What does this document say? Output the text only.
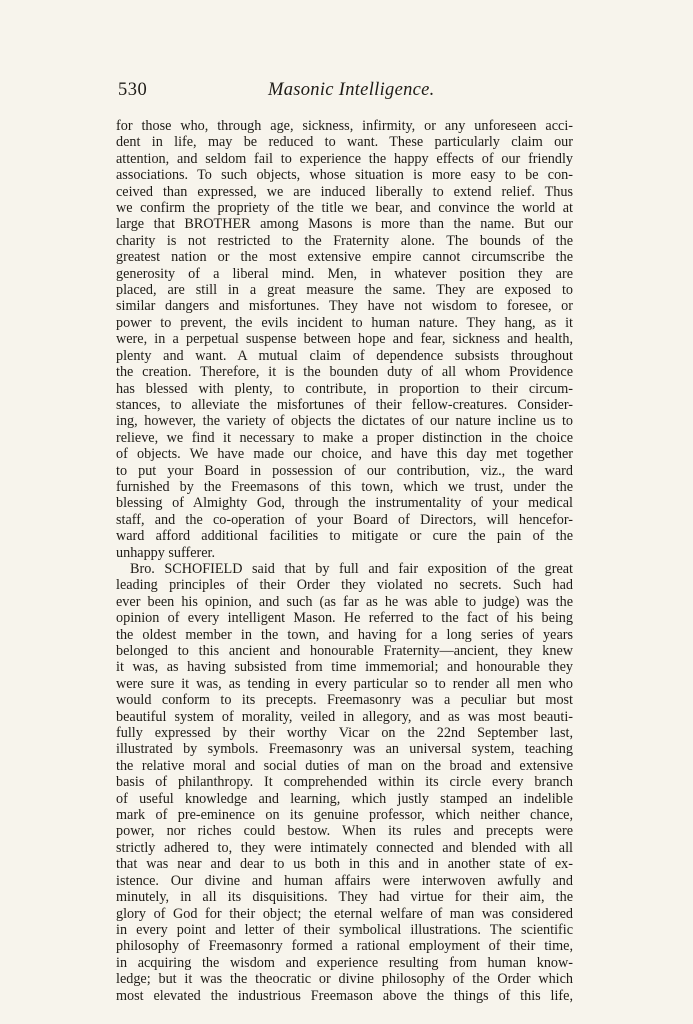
530	Masonic Intelligence.
for those who, through age, sickness, infirmity, or any unforeseen acci-
dent in life, may be reduced to want. These particularly claim our
attention, and seldom fail to experience the happy effects of our friendly
associations. To such objects, whose situation is more easy to be con-
ceived than expressed, we are induced liberally to extend relief. Thus
we confirm the propriety of the title we bear, and convince the world at
large that BROTHER among Masons is more than the name. But our
charity is not restricted to the Fraternity alone. The bounds of the
greatest nation or the most extensive empire cannot circumscribe the
generosity of a liberal mind. Men, in whatever position they are
placed, are still in a great measure the same. They are exposed to
similar dangers and misfortunes. They have not wisdom to foresee, or
power to prevent, the evils incident to human nature. They hang, as it
were, in a perpetual suspense between hope and fear, sickness and health,
plenty and want. A mutual claim of dependence subsists throughout
the creation. Therefore, it is the bounden duty of all whom Providence
has blessed with plenty, to contribute, in proportion to their circum-
stances, to alleviate the misfortunes of their fellow-creatures. Consider-
ing, however, the variety of objects the dictates of our nature incline us to
relieve, we find it necessary to make a proper distinction in the choice
of objects. We have made our choice, and have this day met together
to put your Board in possession of our contribution, viz., the ward
furnished by the Freemasons of this town, which we trust, under the
blessing of Almighty God, through the instrumentality of your medical
staff, and the co-operation of your Board of Directors, will hencefor-
ward afford additional facilities to mitigate or cure the pain of the
unhappy sufferer.
Bro. SCHOFIELD said that by full and fair exposition of the great
leading principles of their Order they violated no secrets. Such had
ever been his opinion, and such (as far as he was able to judge) was the
opinion of every intelligent Mason. He referred to the fact of his being
the oldest member in the town, and having for a long series of years
belonged to this ancient and honourable Fraternity—ancient, they knew
it was, as having subsisted from time immemorial; and honourable they
were sure it was, as tending in every particular so to render all men who
would conform to its precepts. Freemasonry was a peculiar but most
beautiful system of morality, veiled in allegory, and as was most beauti-
fully expressed by their worthy Vicar on the 22nd September last,
illustrated by symbols. Freemasonry was an universal system, teaching
the relative moral and social duties of man on the broad and extensive
basis of philanthropy. It comprehended within its circle every branch
of useful knowledge and learning, which justly stamped an indelible
mark of pre-eminence on its genuine professor, which neither chance,
power, nor riches could bestow. When its rules and precepts were
strictly adhered to, they were intimately connected and blended with all
that was near and dear to us both in this and in another state of ex-
istence. Our divine and human affairs were interwoven awfully and
minutely, in all its disquisitions. They had virtue for their aim, the
glory of God for their object; the eternal welfare of man was considered
in every point and letter of their symbolical illustrations. The scientific
philosophy of Freemasonry formed a rational employment of their time,
in acquiring the wisdom and experience resulting from human know-
ledge; but it was the theocratic or divine philosophy of the Order which
most elevated the industrious Freemason above the things of this life,
